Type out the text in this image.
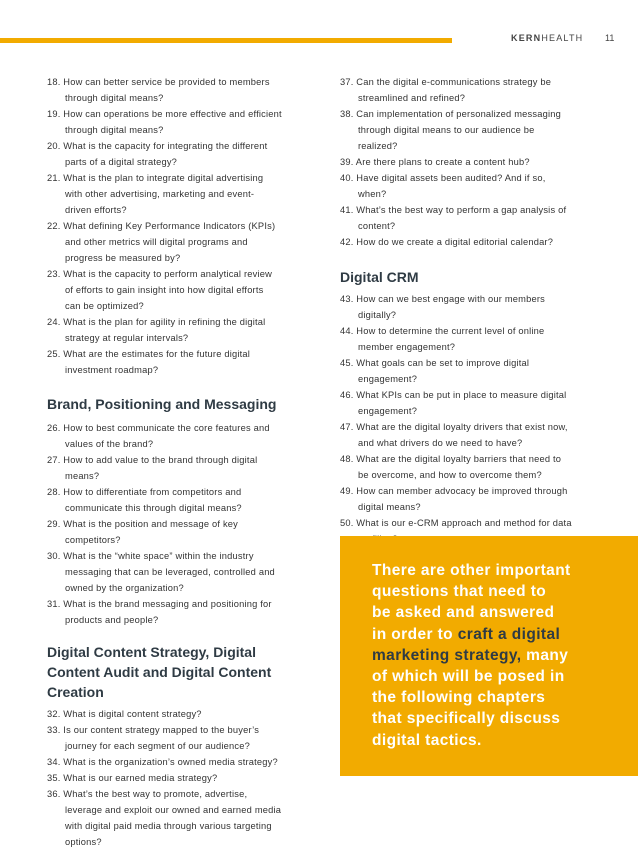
KERNHEALTH 11
18. How can better service be provided to members
through digital means?
19. How can operations be more effective and efficient
through digital means?
20. What is the capacity for integrating the different
parts of a digital strategy?
21. What is the plan to integrate digital advertising
with other advertising, marketing and event-
driven efforts?
22. What defining Key Performance Indicators (KPIs)
and other metrics will digital programs and
progress be measured by?
23. What is the capacity to perform analytical review
of efforts to gain insight into how digital efforts
can be optimized?
24. What is the plan for agility in refining the digital
strategy at regular intervals?
25. What are the estimates for the future digital
investment roadmap?
Brand, Positioning and Messaging
26. How to best communicate the core features and
values of the brand?
27. How to add value to the brand through digital
means?
28. How to differentiate from competitors and
communicate this through digital means?
29. What is the position and message of key
competitors?
30. What is the “white space” within the industry
messaging that can be leveraged, controlled and
owned by the organization?
31. What is the brand messaging and positioning for
products and people?
Digital Content Strategy, Digital
Content Audit and Digital Content
Creation
32. What is digital content strategy?
33. Is our content strategy mapped to the buyer’s
journey for each segment of our audience?
34. What is the organization’s owned media strategy?
35. What is our earned media strategy?
36. What’s the best way to promote, advertise,
leverage and exploit our owned and earned media
with digital paid media through various targeting
options?
37. Can the digital e-communications strategy be
streamlined and refined?
38. Can implementation of personalized messaging
through digital means to our audience be
realized?
39. Are there plans to create a content hub?
40. Have digital assets been audited? And if so,
when?
41. What’s the best way to perform a gap analysis of
content?
42. How do we create a digital editorial calendar?
Digital CRM
43. How can we best engage with our members
digitally?
44. How to determine the current level of online
member engagement?
45. What goals can be set to improve digital
engagement?
46. What KPIs can be put in place to measure digital
engagement?
47. What are the digital loyalty drivers that exist now,
and what drivers do we need to have?
48. What are the digital loyalty barriers that need to
be overcome, and how to overcome them?
49. How can member advocacy be improved through
digital means?
50. What is our e-CRM approach and method for data
There are other important
questions that need to
be asked and answered
in order to craft a digital
marketing strategy, many
of which will be posed in
the following chapters
that specifically discuss
digital tactics.
